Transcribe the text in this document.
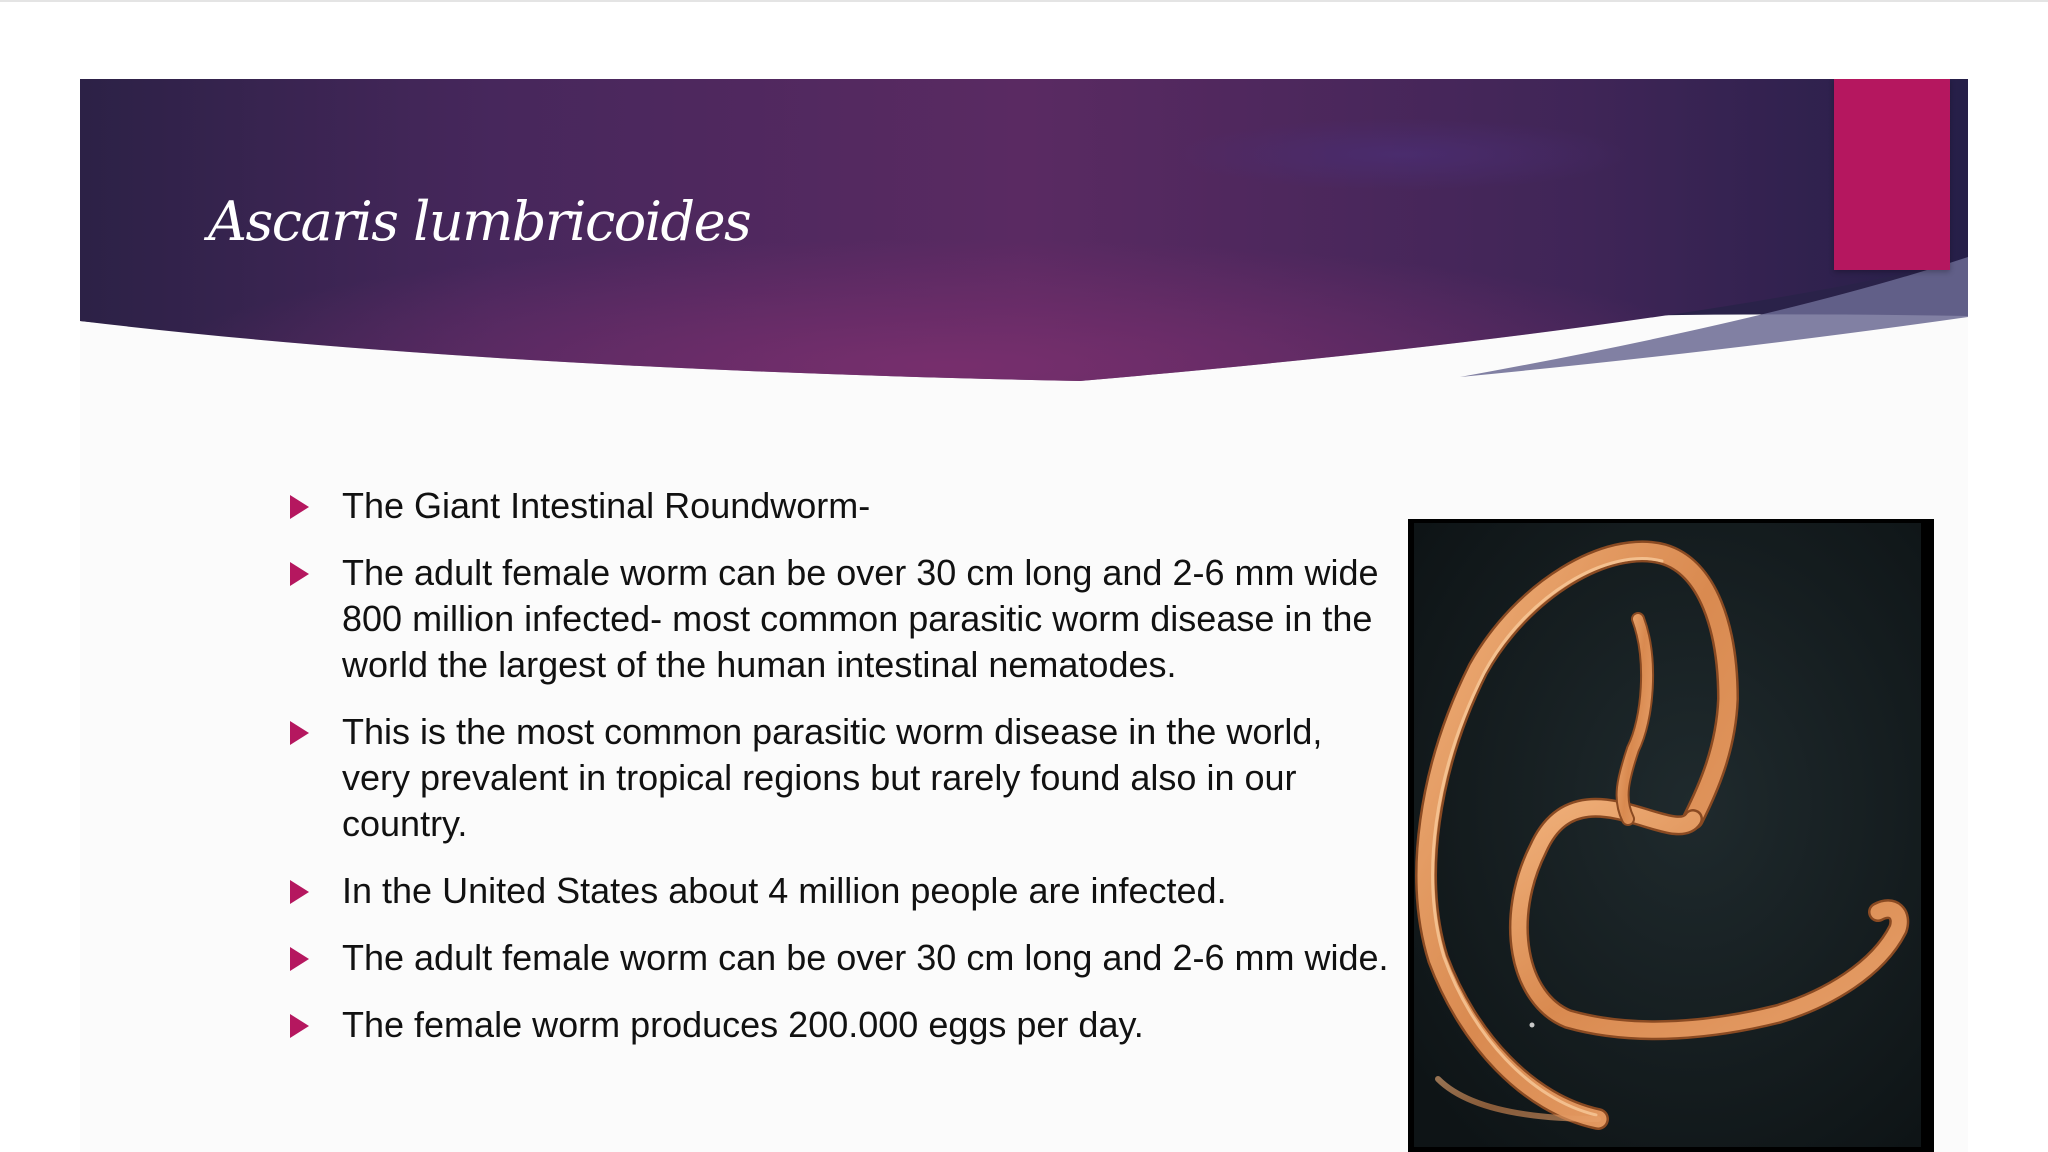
The Giant Intestinal Roundworm-
The adult female worm can be over 30 cm long and 2-6 mm wide 800 million infected- most common parasitic worm disease in the world the largest of the human intestinal nematodes.
This is the most common parasitic worm disease in the world, very prevalent in tropical regions but rarely found also in our country.
In the United States about 4 million people are infected.
The adult female worm can be over 30 cm long and 2-6 mm wide.
The female worm produces 200.000 eggs per day.
Ascaris lumbricoides
